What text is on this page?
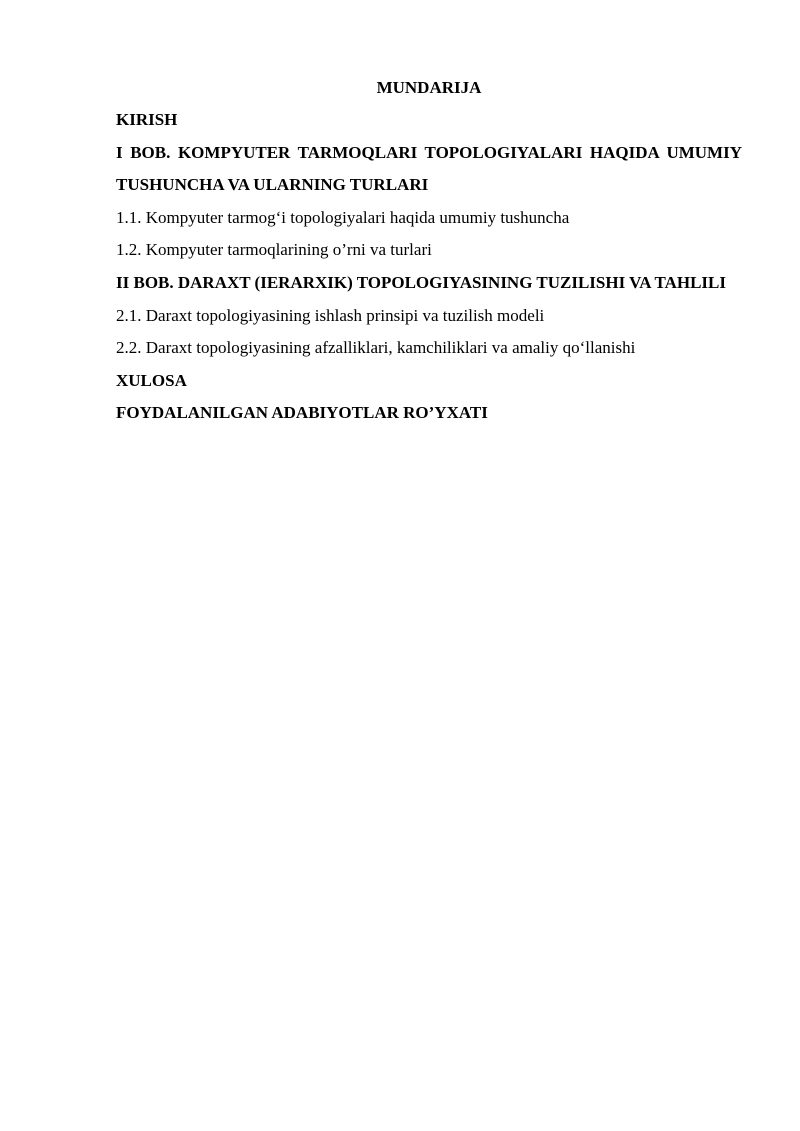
MUNDARIJA
KIRISH
I BOB. KOMPYUTER TARMOQLARI TOPOLOGIYALARI HAQIDA UMUMIY TUSHUNCHA VA ULARNING TURLARI
1.1. Kompyuter tarmog‘i topologiyalari haqida umumiy tushuncha
1.2. Kompyuter tarmoqlarining o’rni va turlari
II BOB. DARAXT (IERARXIK) TOPOLOGIYASINING TUZILISHI VA TAHLILI
2.1. Daraxt topologiyasining ishlash prinsipi va tuzilish modeli
2.2. Daraxt topologiyasining afzalliklari, kamchiliklari va amaliy qo‘llanishi
XULOSA
FOYDALANILGAN ADABIYOTLAR RO’YXATI
